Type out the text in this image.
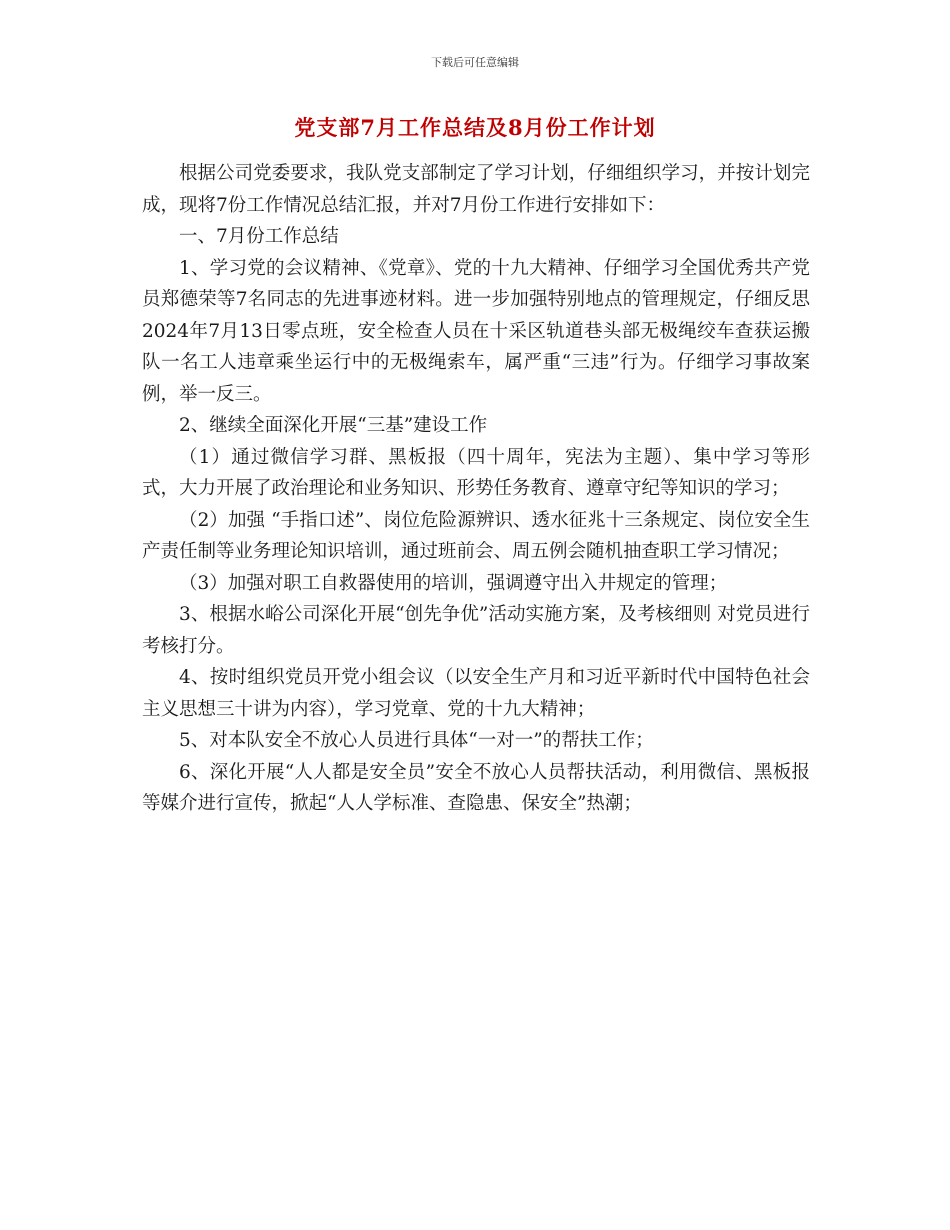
下载后可任意编辑
党支部7月工作总结及8月份工作计划

根据公司党委要求，我队党支部制定了学习计划，仔细组织学习，并按计划完成，现将7份工作情况总结汇报，并对7月份工作进行安排如下：

一、7月份工作总结

1、学习党的会议精神、《党章》、党的十九大精神、仔细学习全国优秀共产党员郑德荣等7名同志的先进事迹材料。进一步加强特别地点的管理规定，仔细反思2024年7月13日零点班，安全检查人员在十采区轨道巷头部无极绳绞车查获运搬队一名工人违章乘坐运行中的无极绳索车，属严重“三违”行为。仔细学习事故案例，举一反三。

2、继续全面深化开展“三基”建设工作

（1）通过微信学习群、黑板报（四十周年，宪法为主题）、集中学习等形式，大力开展了政治理论和业务知识、形势任务教育、遵章守纪等知识的学习；

（2）加强 “手指口述”、岗位危险源辨识、透水征兆十三条规定、岗位安全生产责任制等业务理论知识培训，通过班前会、周五例会随机抽查职工学习情况；

（3）加强对职工自救器使用的培训，强调遵守出入井规定的管理；

3、根据水峪公司深化开展“创先争优”活动实施方案，及考核细则 对党员进行考核打分。

4、按时组织党员开党小组会议（以安全生产月和习近平新时代中国特色社会主义思想三十讲为内容），学习党章、党的十九大精神；

5、对本队安全不放心人员进行具体“一对一”的帮扶工作；

6、深化开展“人人都是安全员”安全不放心人员帮扶活动，利用微信、黑板报等媒介进行宣传，掀起“人人学标准、查隐患、保安全”热潮；
